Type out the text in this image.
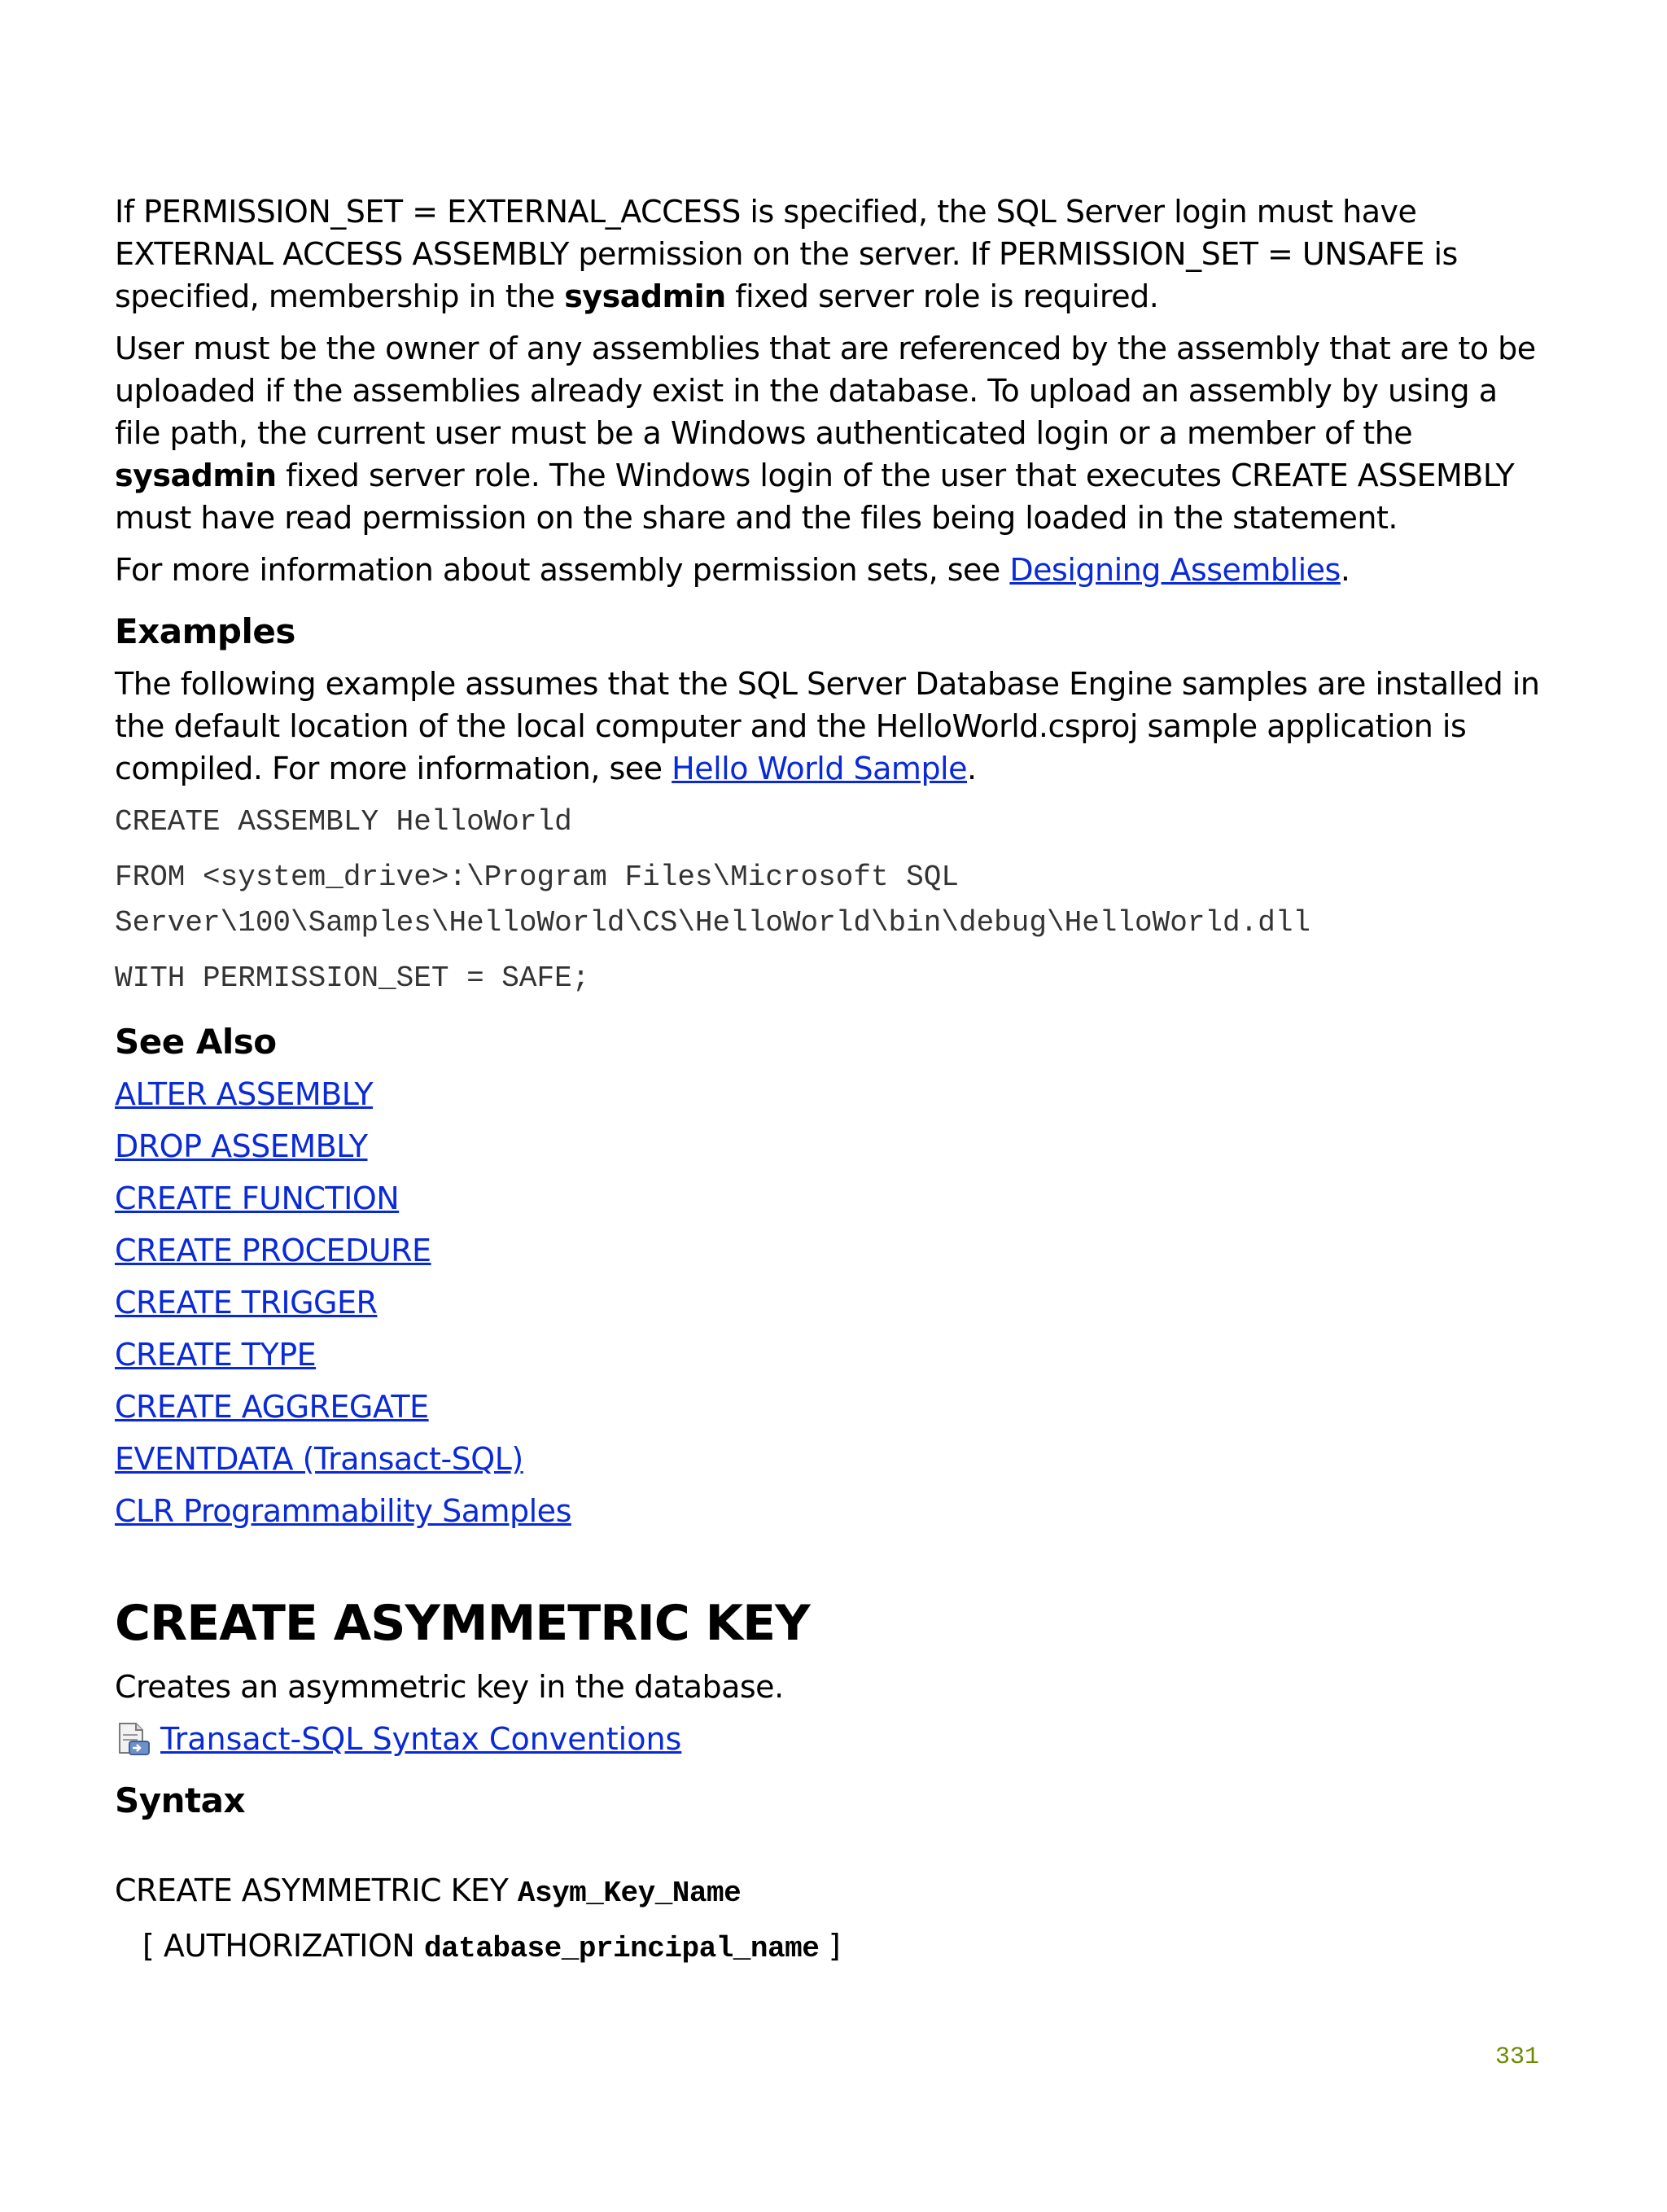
If PERMISSION_SET = EXTERNAL_ACCESS is specified, the SQL Server login must have EXTERNAL ACCESS ASSEMBLY permission on the server. If PERMISSION_SET = UNSAFE is specified, membership in the sysadmin fixed server role is required.

User must be the owner of any assemblies that are referenced by the assembly that are to be uploaded if the assemblies already exist in the database. To upload an assembly by using a file path, the current user must be a Windows authenticated login or a member of the sysadmin fixed server role. The Windows login of the user that executes CREATE ASSEMBLY must have read permission on the share and the files being loaded in the statement.

For more information about assembly permission sets, see Designing Assemblies.

Examples

The following example assumes that the SQL Server Database Engine samples are installed in the default location of the local computer and the HelloWorld.csproj sample application is compiled. For more information, see Hello World Sample.

CREATE ASSEMBLY HelloWorld
FROM <system_drive>:\Program Files\Microsoft SQL
Server\100\Samples\HelloWorld\CS\HelloWorld\bin\debug\HelloWorld.dll
WITH PERMISSION_SET = SAFE;
See Also
ALTER ASSEMBLY
DROP ASSEMBLY
CREATE FUNCTION
CREATE PROCEDURE
CREATE TRIGGER
CREATE TYPE
CREATE AGGREGATE
EVENTDATA (Transact-SQL)
CLR Programmability Samples
CREATE ASYMMETRIC KEY

Creates an asymmetric key in the database.

Transact-SQL Syntax Conventions
Syntax
CREATE ASYMMETRIC KEY Asym_Key_Name
[ AUTHORIZATION database_principal_name ]
331
